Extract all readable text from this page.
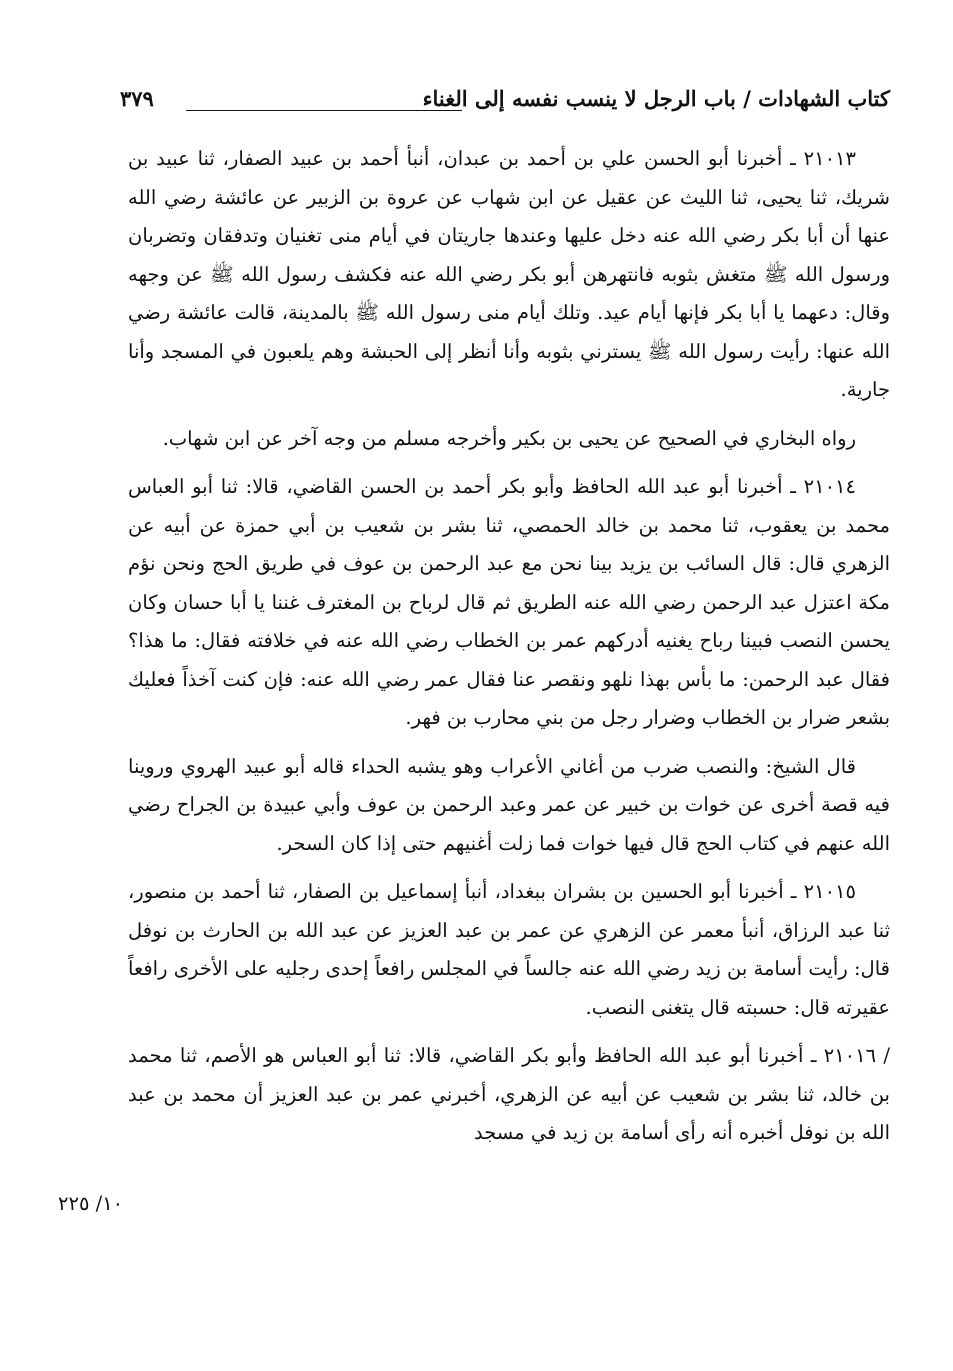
كتاب الشهادات / باب الرجل لا ينسب نفسه إلى الغناء
٣٧٩

٢١٠١٣ ـ أخبرنا أبو الحسن علي بن أحمد بن عبدان، أنبأ أحمد بن عبيد الصفار، ثنا عبيد بن شريك، ثنا يحيى، ثنا الليث عن عقيل عن ابن شهاب عن عروة بن الزبير عن عائشة رضي الله عنها أن أبا بكر رضي الله عنه دخل عليها وعندها جاريتان في أيام منى تغنيان وتدفقان وتضربان ورسول الله ﷺ متغش بثوبه فانتهرهن أبو بكر رضي الله عنه فكشف رسول الله ﷺ عن وجهه وقال: دعهما يا أبا بكر فإنها أيام عيد. وتلك أيام منى رسول الله ﷺ بالمدينة، قالت عائشة رضي الله عنها: رأيت رسول الله ﷺ يسترني بثوبه وأنا أنظر إلى الحبشة وهم يلعبون في المسجد وأنا جارية.

رواه البخاري في الصحيح عن يحيى بن بكير وأخرجه مسلم من وجه آخر عن ابن شهاب.

٢١٠١٤ ـ أخبرنا أبو عبد الله الحافظ وأبو بكر أحمد بن الحسن القاضي، قالا: ثنا أبو العباس محمد بن يعقوب، ثنا محمد بن خالد الحمصي، ثنا بشر بن شعيب بن أبي حمزة عن أبيه عن الزهري قال: قال السائب بن يزيد بينا نحن مع عبد الرحمن بن عوف في طريق الحج ونحن نؤم مكة اعتزل عبد الرحمن رضي الله عنه الطريق ثم قال لرباح بن المغترف غننا يا أبا حسان وكان يحسن النصب فبينا رباح يغنيه أدركهم عمر بن الخطاب رضي الله عنه في خلافته فقال: ما هذا؟ فقال عبد الرحمن: ما بأس بهذا نلهو ونقصر عنا فقال عمر رضي الله عنه: فإن كنت آخذاً فعليك بشعر ضرار بن الخطاب وضرار رجل من بني محارب بن فهر.

قال الشيخ: والنصب ضرب من أغاني الأعراب وهو يشبه الحداء قاله أبو عبيد الهروي وروينا فيه قصة أخرى عن خوات بن خبير عن عمر وعبد الرحمن بن عوف وأبي عبيدة بن الجراح رضي الله عنهم في كتاب الحج قال فيها خوات فما زلت أغنيهم حتى إذا كان السحر.

٢١٠١٥ ـ أخبرنا أبو الحسين بن بشران ببغداد، أنبأ إسماعيل بن الصفار، ثنا أحمد بن منصور، ثنا عبد الرزاق، أنبأ معمر عن الزهري عن عمر بن عبد العزيز عن عبد الله بن الحارث بن نوفل قال: رأيت أسامة بن زيد رضي الله عنه جالساً في المجلس رافعاً إحدى رجليه على الأخرى رافعاً عقيرته قال: حسبته قال يتغنى النصب.

/ ٢١٠١٦ ـ أخبرنا أبو عبد الله الحافظ وأبو بكر القاضي، قالا: ثنا أبو العباس هو الأصم، ثنا محمد بن خالد، ثنا بشر بن شعيب عن أبيه عن الزهري، أخبرني عمر بن عبد العزيز أن محمد بن عبد الله بن نوفل أخبره أنه رأى أسامة بن زيد في مسجد

١٠/ ٢٢٥
